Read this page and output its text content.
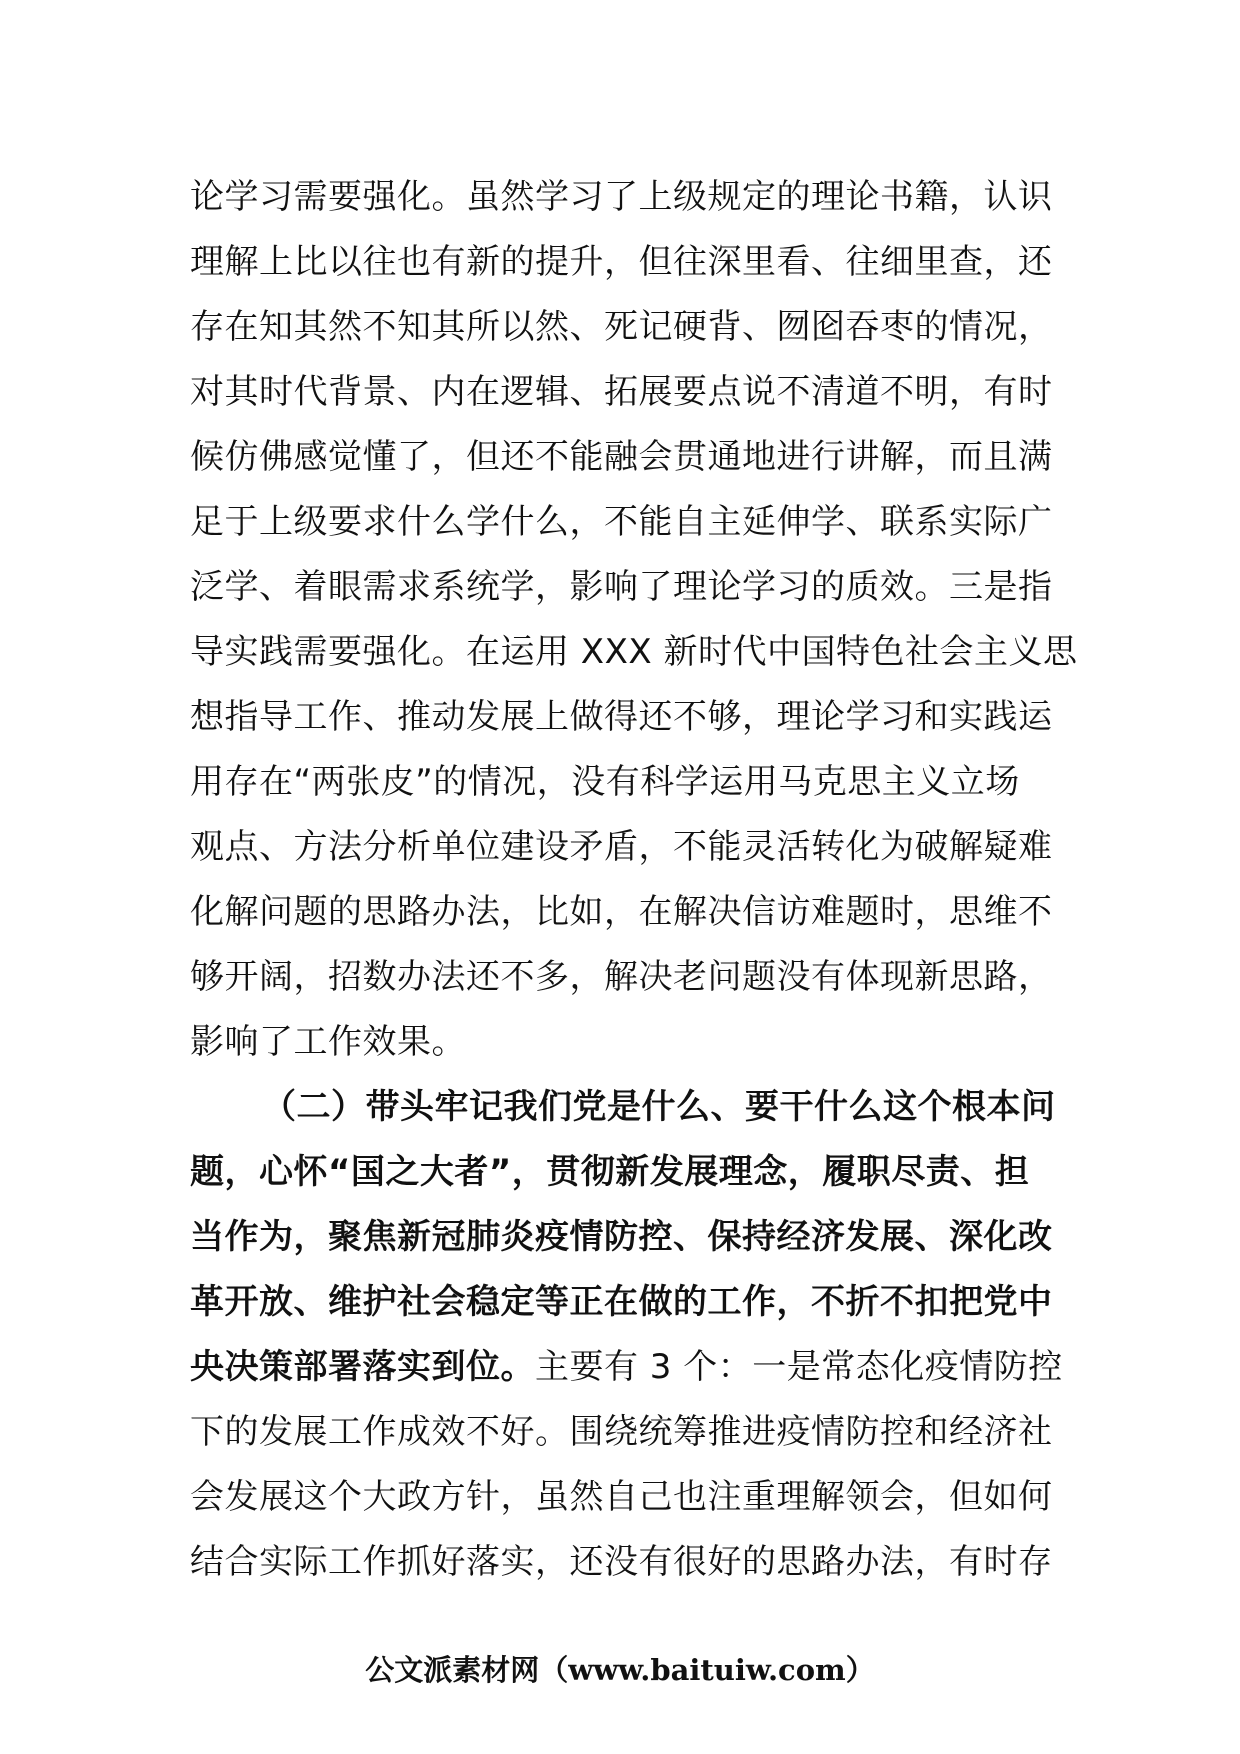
论学习需要强化。虽然学习了上级规定的理论书籍，认识
理解上比以往也有新的提升，但往深里看、往细里查，还
存在知其然不知其所以然、死记硬背、囫囵吞枣的情况，
对其时代背景、内在逻辑、拓展要点说不清道不明，有时
候仿佛感觉懂了，但还不能融会贯通地进行讲解，而且满
足于上级要求什么学什么，不能自主延伸学、联系实际广
泛学、着眼需求系统学，影响了理论学习的质效。三是指
导实践需要强化。在运用 XXX 新时代中国特色社会主义思
想指导工作、推动发展上做得还不够，理论学习和实践运
用存在“两张皮”的情况，没有科学运用马克思主义立场
观点、方法分析单位建设矛盾，不能灵活转化为破解疑难
化解问题的思路办法，比如，在解决信访难题时，思维不
够开阔，招数办法还不多，解决老问题没有体现新思路，
影响了工作效果。
（二）带头牢记我们党是什么、要干什么这个根本问
题，心怀“国之大者”，贯彻新发展理念，履职尽责、担
当作为，聚焦新冠肺炎疫情防控、保持经济发展、深化改
革开放、维护社会稳定等正在做的工作，不折不扣把党中
央决策部署落实到位。主要有 3 个：一是常态化疫情防控
下的发展工作成效不好。围绕统筹推进疫情防控和经济社
会发展这个大政方针，虽然自己也注重理解领会，但如何
结合实际工作抓好落实，还没有很好的思路办法，有时存
公文派素材网（www.baituiw.com）
